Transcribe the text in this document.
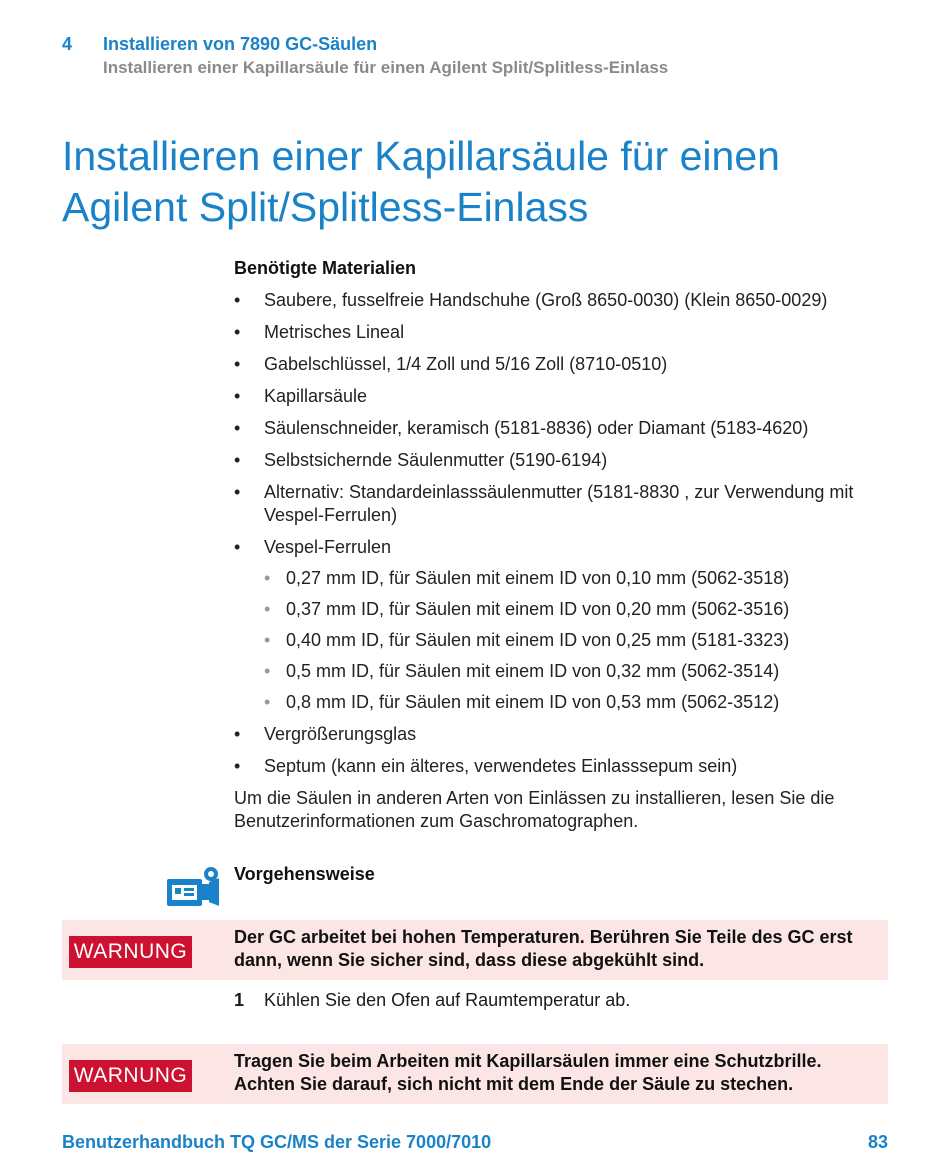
4 Installieren von 7890 GC-Säulen
Installieren einer Kapillarsäule für einen Agilent Split/Splitless-Einlass
Installieren einer Kapillarsäule für einen
Agilent Split/Splitless-Einlass
Benötigte Materialien
• Saubere, fusselfreie Handschuhe (Groß 8650-0030) (Klein 8650-0029)
• Metrisches Lineal
• Gabelschlüssel, 1/4 Zoll und 5/16 Zoll (8710-0510)
• Kapillarsäule
• Säulenschneider, keramisch (5181-8836) oder Diamant (5183-4620)
• Selbstsichernde Säulenmutter (5190-6194)
• Alternativ: Standardeinlasssäulenmutter (5181-8830 , zur Verwendung mit Vespel-Ferrulen)
• Vespel-Ferrulen
• 0,27 mm ID, für Säulen mit einem ID von 0,10 mm (5062-3518)
• 0,37 mm ID, für Säulen mit einem ID von 0,20 mm (5062-3516)
• 0,40 mm ID, für Säulen mit einem ID von 0,25 mm (5181-3323)
• 0,5 mm ID, für Säulen mit einem ID von 0,32 mm (5062-3514)
• 0,8 mm ID, für Säulen mit einem ID von 0,53 mm (5062-3512)
• Vergrößerungsglas
• Septum (kann ein älteres, verwendetes Einlasssepum sein)

Um die Säulen in anderen Arten von Einlässen zu installieren, lesen Sie die Benutzerinformationen zum Gaschromatographen.

Vorgehensweise
WARNUNG
Der GC arbeitet bei hohen Temperaturen. Berühren Sie Teile des GC erst dann, wenn Sie sicher sind, dass diese abgekühlt sind.
1 Kühlen Sie den Ofen auf Raumtemperatur ab.
WARNUNG
Tragen Sie beim Arbeiten mit Kapillarsäulen immer eine Schutzbrille. Achten Sie darauf, sich nicht mit dem Ende der Säule zu stechen.
Benutzerhandbuch TQ GC/MS der Serie 7000/7010	83
